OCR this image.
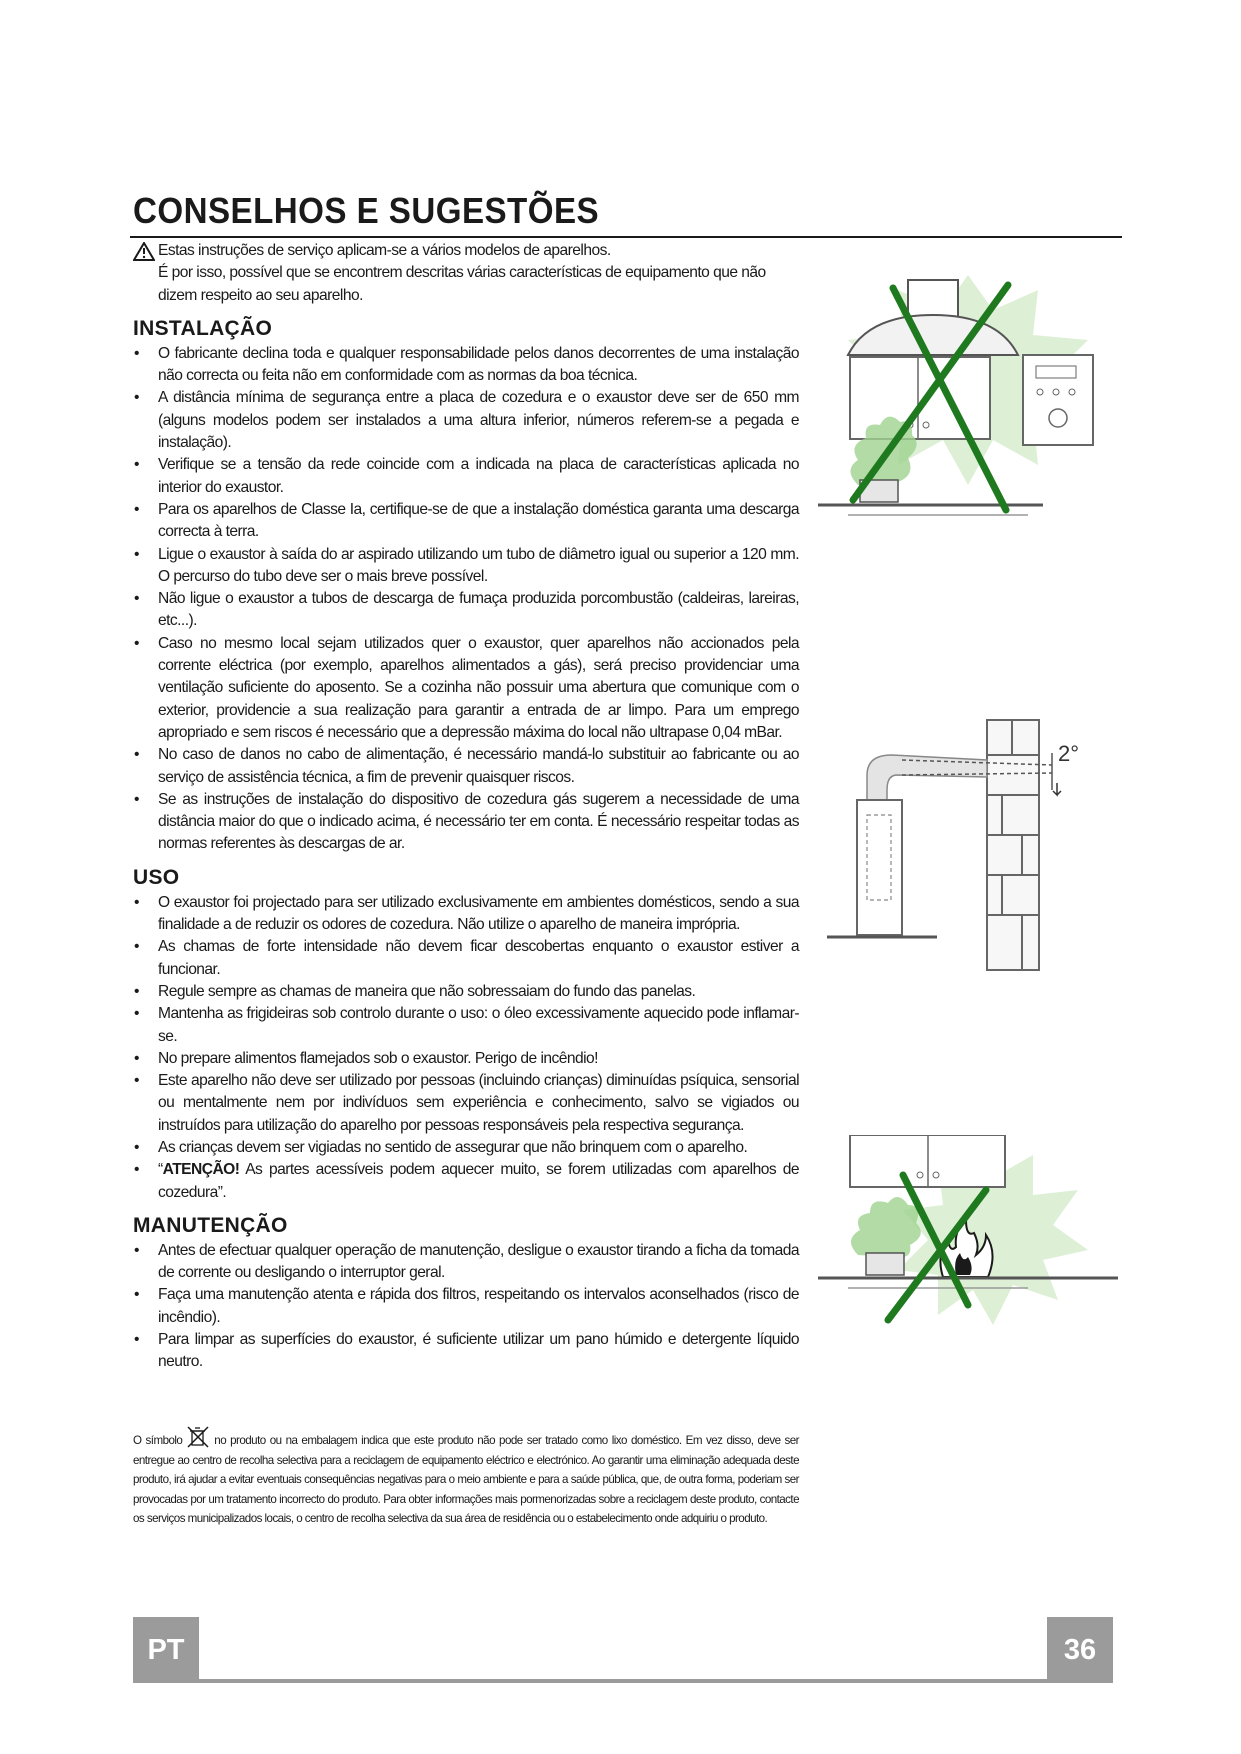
CONSELHOS E SUGESTÕES

Estas instruções de serviço aplicam-se a vários modelos de aparelhos.

É por isso, possível que se encontrem descritas várias características de equipamento que não dizem respeito ao seu aparelho.

INSTALAÇÃO
• O fabricante declina toda e qualquer responsabilidade pelos danos decorrentes de uma instalação não correcta ou feita não em conformidade com as normas da boa técnica.
• A distância mínima de segurança entre a placa de cozedura e o exaustor deve ser de 650 mm (alguns modelos podem ser instalados a uma altura inferior, números referem-se a pegada e instalação).
• Verifique se a tensão da rede coincide com a indicada na placa de características aplicada no interior do exaustor.
• Para os aparelhos de Classe Ia, certifique-se de que a instalação doméstica garanta uma descarga correcta à terra.
• Ligue o exaustor à saída do ar aspirado utilizando um tubo de diâmetro igual ou superior a 120 mm. O percurso do tubo deve ser o mais breve possível.
• Não ligue o exaustor a tubos de descarga de fumaça produzida porcombustão (caldeiras, lareiras, etc...).
• Caso no mesmo local sejam utilizados quer o exaustor, quer aparelhos não accionados pela corrente eléctrica (por exemplo, aparelhos alimentados a gás), será preciso providenciar uma ventilação suficiente do aposento. Se a cozinha não possuir uma abertura que comunique com o exterior, providencie a sua realização para garantir a entrada de ar limpo. Para um emprego apropriado e sem riscos é necessário que a depressão máxima do local não ultrapase 0,04 mBar.
• No caso de danos no cabo de alimentação, é necessário mandá-lo substituir ao fabricante ou ao serviço de assistência técnica, a fim de prevenir quaisquer riscos.
• Se as instruções de instalação do dispositivo de cozedura gás sugerem a necessidade de uma distância maior do que o indicado acima, é necessário ter em conta. É necessário respeitar todas as normas referentes às descargas de ar.
USO
• O exaustor foi projectado para ser utilizado exclusivamente em ambientes domésticos, sendo a sua finalidade a de reduzir os odores de cozedura. Não utilize o aparelho de maneira imprópria.
• As chamas de forte intensidade não devem ficar descobertas enquanto o exaustor estiver a funcionar.
• Regule sempre as chamas de maneira que não sobressaiam do fundo das panelas.
• Mantenha as frigideiras sob controlo durante o uso: o óleo excessivamente aquecido pode inflamar-se.
• No prepare alimentos flamejados sob o exaustor. Perigo de incêndio!
• Este aparelho não deve ser utilizado por pessoas (incluindo crianças) diminuídas psíquica, sensorial ou mentalmente nem por indivíduos sem experiência e conhecimento, salvo se vigiados ou instruídos para utilização do aparelho por pessoas responsáveis pela respectiva segurança.
• As crianças devem ser vigiadas no sentido de assegurar que não brinquem com o aparelho.
• “ATENÇÃO! As partes acessíveis podem aquecer muito, se forem utilizadas com aparelhos de cozedura”.
MANUTENÇÃO
• Antes de efectuar qualquer operação de manutenção, desligue o exaustor tirando a ficha da tomada de corrente ou desligando o interruptor geral.
• Faça uma manutenção atenta e rápida dos filtros, respeitando os intervalos aconselhados (risco de incêndio).
• Para limpar as superfícies do exaustor, é suficiente utilizar um pano húmido e detergente líquido neutro.

O símbolo	no produto ou na embalagem indica que este produto não pode ser tratado como lixo doméstico. Em vez disso, deve ser entregue ao centro de recolha selectiva para a reciclagem de equipamento eléctrico e electrónico. Ao garantir uma eliminação adequada deste produto, irá ajudar a evitar eventuais consequências negativas para o meio ambiente e para a saúde pública, que, de outra forma, poderiam ser provocadas por um tratamento incorrecto do produto. Para obter informações mais pormenorizadas sobre a reciclagem deste produto, contacte os serviços municipalizados locais, o centro de recolha selectiva da sua área de residência ou o estabelecimento onde adquiriu o produto.

2°
PT	36
